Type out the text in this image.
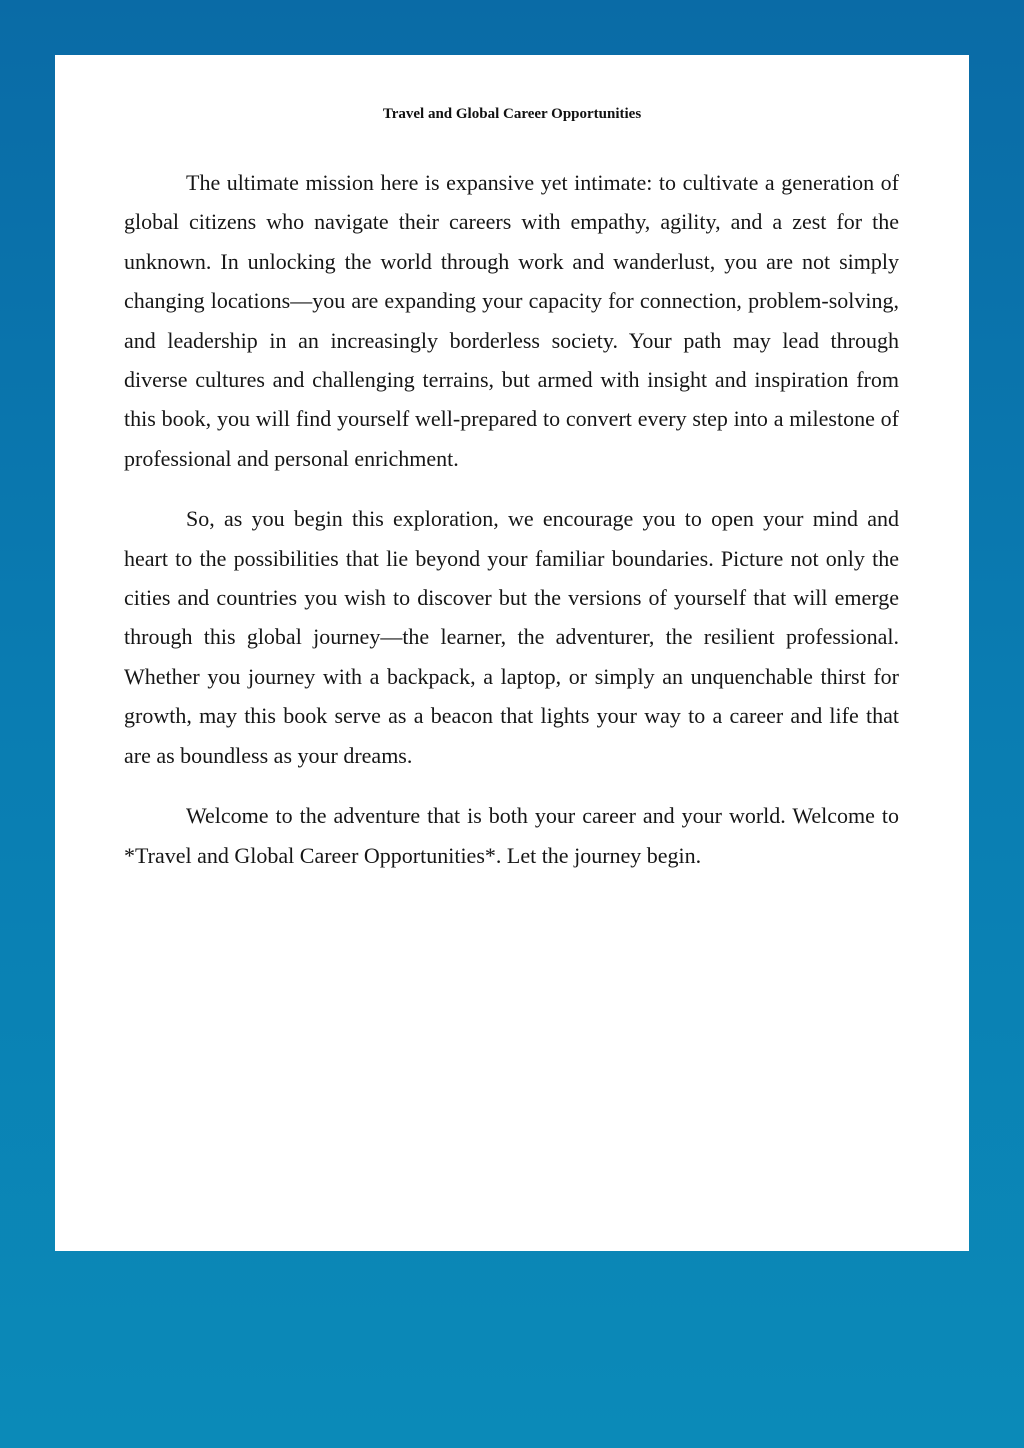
Travel and Global Career Opportunities

The ultimate mission here is expansive yet intimate: to cultivate a generation of global citizens who navigate their careers with empathy, agility, and a zest for the unknown. In unlocking the world through work and wanderlust, you are not simply changing locations—you are expanding your capacity for connection, problem-solving, and leadership in an increasingly borderless society. Your path may lead through diverse cultures and challenging terrains, but armed with insight and inspiration from this book, you will find yourself well-prepared to convert every step into a milestone of professional and personal enrichment.

So, as you begin this exploration, we encourage you to open your mind and heart to the possibilities that lie beyond your familiar boundaries. Picture not only the cities and countries you wish to discover but the versions of yourself that will emerge through this global journey—the learner, the adventurer, the resilient professional. Whether you journey with a backpack, a laptop, or simply an unquenchable thirst for growth, may this book serve as a beacon that lights your way to a career and life that are as boundless as your dreams.

Welcome to the adventure that is both your career and your world. Welcome to *Travel and Global Career Opportunities*. Let the journey begin.
